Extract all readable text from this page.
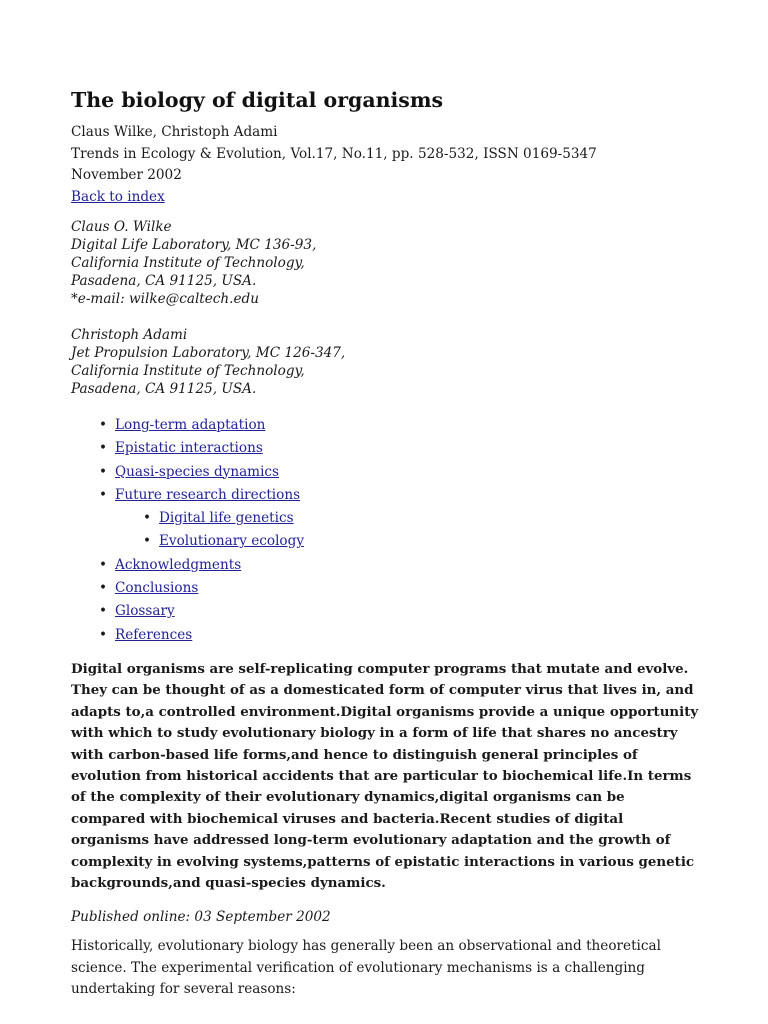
The biology of digital organisms
Claus Wilke, Christoph Adami
Trends in Ecology & Evolution, Vol.17, No.11, pp. 528-532, ISSN 0169-5347
November 2002
Back to index

Claus O. Wilke

Digital Life Laboratory, MC 136-93,

California Institute of Technology,

Pasadena, CA 91125, USA.

*e-mail: wilke@caltech.edu

Christoph Adami

Jet Propulsion Laboratory, MC 126-347,

California Institute of Technology,

Pasadena, CA 91125, USA.

• Long-term adaptation
• Epistatic interactions
• Quasi-species dynamics
• Future research directions
• Digital life genetics
• Evolutionary ecology
• Acknowledgments
• Conclusions
• Glossary
• References

Digital organisms are self-replicating computer programs that mutate and evolve. They can be thought of as a domesticated form of computer virus that lives in, and adapts to,a controlled environment.Digital organisms provide a unique opportunity with which to study evolutionary biology in a form of life that shares no ancestry with carbon-based life forms,and hence to distinguish general principles of evolution from historical accidents that are particular to biochemical life.In terms of the complexity of their evolutionary dynamics,digital organisms can be compared with biochemical viruses and bacteria.Recent studies of digital organisms have addressed long-term evolutionary adaptation and the growth of complexity in evolving systems,patterns of epistatic interactions in various genetic backgrounds,and quasi-species dynamics.

Published online: 03 September 2002

Historically, evolutionary biology has generally been an observational and theoretical science. The experimental verification of evolutionary mechanisms is a challenging undertaking for several reasons:
